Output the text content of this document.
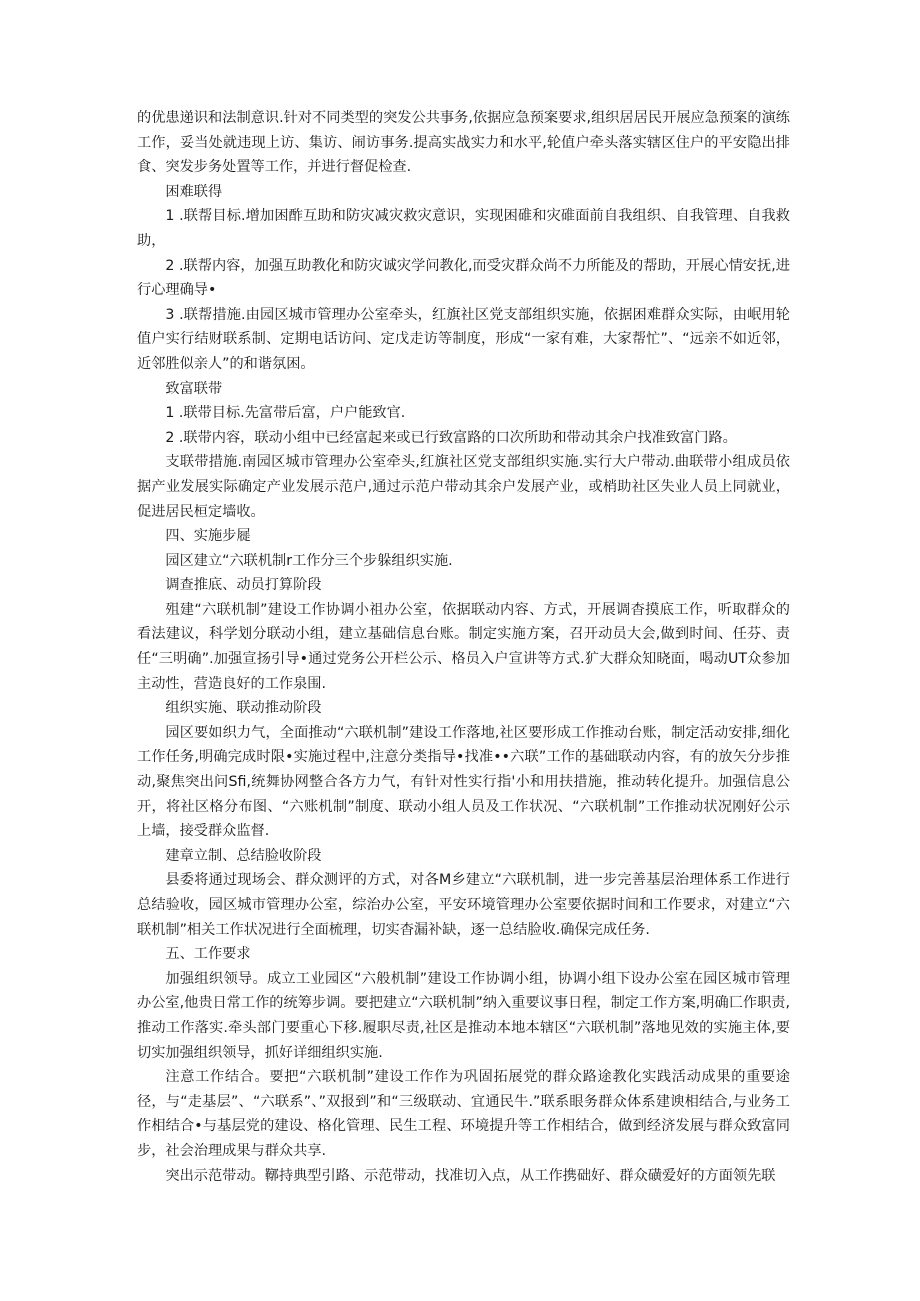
的优患递识和法制意识.针对不同类型的突发公共事务,依据应急预案要求,组织居居民开展应急预案的演练工作，妥当处就违现上访、集访、闹访事务.提高实战实力和水平,轮值户牵头落实辖区住户的平安隐出排食、突发步务处置等工作，并进行督促检查.

困难联得

1 .联帮目标.增加困酢互助和防灾减灾救灾意识，实现困碓和灾碓面前自我组织、自我管理、自我救助，

2 .联帮内容，加强互助教化和防灾诚灾学问教化,而受灾群众尚不力所能及的帮助，开展心情安抚,进行心理确导•

3 .联帮措施.由园区城市管理办公室牵头，红旗社区党支部组织实施，依据困难群众实际，由岷用轮值户实行结财联系制、定期电话访问、定戊走访等制度，形成“一家有难，大家帮忙”、“远亲不如近邻，近邻胜似亲人”的和谐氛困。

致富联带

1 .联带目标.先富带后富，户户能致官.

2 .联带内容，联动小组中已经富起来或已行致富路的口次所助和带动其余户找准致富门路。

支联带措施.南园区城市管理办公室牵头,红旗社区党支部组织实施.实行大户带动.曲联带小组成员依据产业发展实际确定产业发展示范户,通过示范户带动其余户发展产业，或梢助社区失业人员上同就业，促进居民桓定墙收。

四、实施步屣

园区建立“六联机制r工作分三个步躲组织实施.

调查推底、动员打算阶段

殂建“六联机制”建设工作协调小祖办公室，依据联动内容、方式，开展调杳摸底工作，听取群众的看法建议，科学划分联动小组，建立基础信息台账。制定实施方案，召开动员大会,做到时间、任芬、责任“三明确”.加强宣扬引导•通过党务公开栏公示、格员入户宣讲等方式.犷大群众知晓面，喝动UT众参加主动性，营造良好的工作泉围.

组织实施、联动推动阶段

园区要如织力气，全面推动“六联机制”建设工作落地,社区要形成工作推动台账，制定活动安排,细化工作任务,明确完成时限•实施过程中,注意分类指导•找准••六联”工作的基础联动内容，有的放矢分步推动,聚焦突出问Sfi,统舞协网整合各方力气，有针对性实行指'小和用扶措施，推动转化提升。加强信息公开，将社区格分布图、“六账机制”制度、联动小组人员及工作状况、“六联机制”工作推动状况刚好公示上墙，接受群众监督.

建章立制、总结脸收阶段

县委将通过现场会、群众测评的方式，对各M乡建立“六联机制，进一步完善基层治理体系工作进行总结验收，园区城市管理办公室，综治办公室，平安环境管理办公室要依据时间和工作要求，对建立“六联机制”相关工作状况进行全面梳理，切实杳漏补缺，逐一总结脸收.确保完成任务.

五、工作要求

加强组织领导。成立工业园区“六般机制”建设工作协调小组，协调小组下设办公室在园区城市管理办公室,他贵日常工作的统筹步调。要把建立“六联机制”纳入重要议事日程，制定工作方案,明确匸作职责,推动工作落实.牵头部门要重心下移.履职尽责,社区是推动本地本辖区“六联机制”落地见效的实施主体,要切实加强组织领导，抓好详细组织实施.

注意工作结合。要把“六联机制”建设工作作为巩固拓展党的群众路途教化实践活动成果的重要途径，与“走基层”、“六联系”、”双报到”和“三级联动、宜通民牛.”联系眼务群众体系建谀相结合,与业务工作相结合•与基层党的建设、格化管理、民生工程、环境提升等工作相结合，做到经济发展与群众致富同步，社会治理成果与群众共享.

突出示范带动。鞹持典型引路、示范带动，找准切入点，从工作携础好、群众磺爱好的方面领先联
